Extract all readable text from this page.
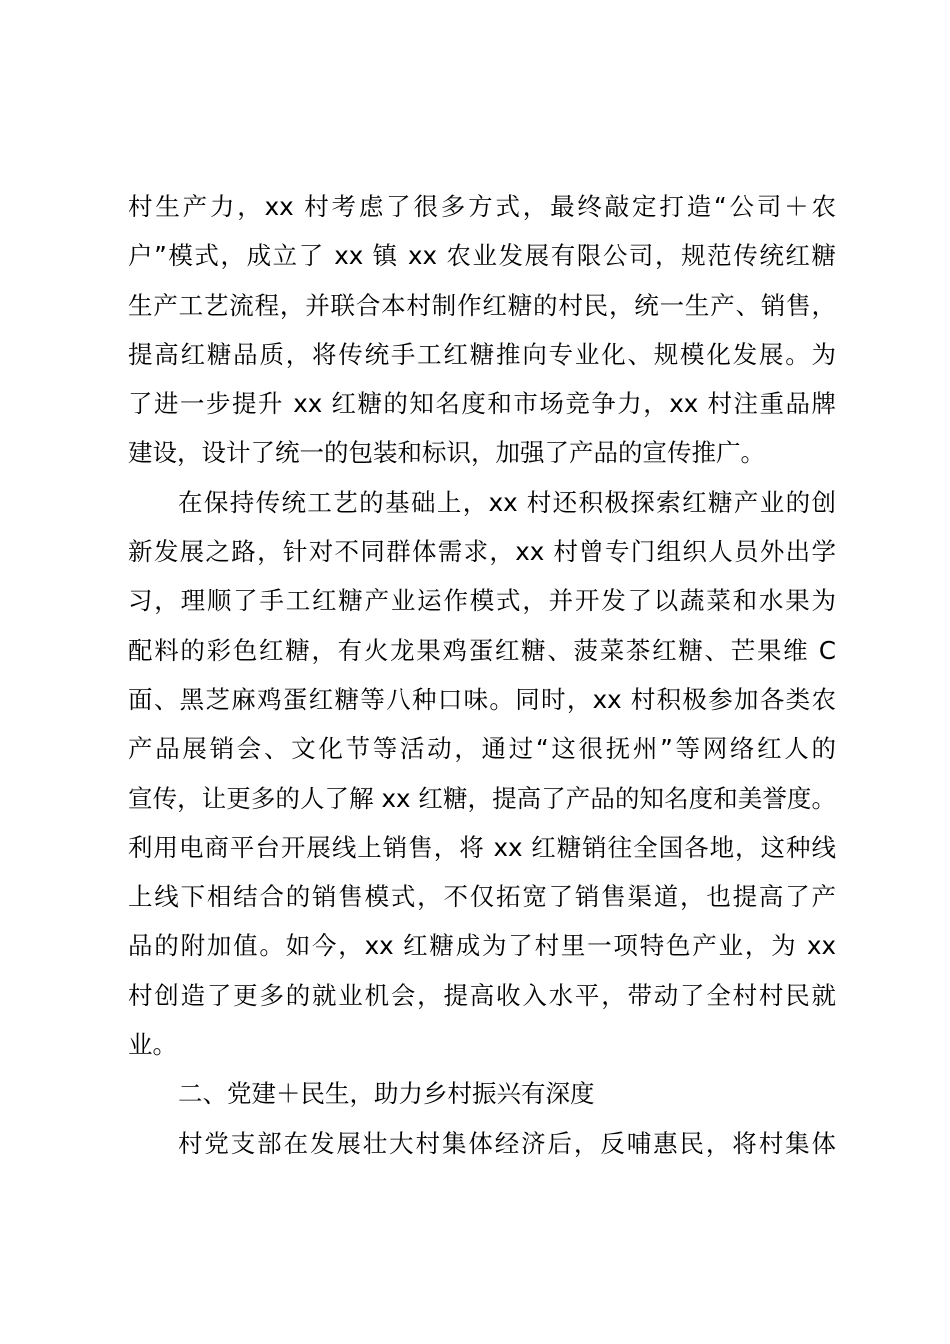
村生产力，xx 村考虑了很多方式，最终敲定打造“公司＋农
户”模式，成立了 xx 镇 xx 农业发展有限公司，规范传统红糖
生产工艺流程，并联合本村制作红糖的村民，统一生产、销售，
提高红糖品质，将传统手工红糖推向专业化、规模化发展。为
了进一步提升 xx 红糖的知名度和市场竞争力，xx 村注重品牌
建设，设计了统一的包装和标识，加强了产品的宣传推广。
在保持传统工艺的基础上，xx 村还积极探索红糖产业的创
新发展之路，针对不同群体需求，xx 村曾专门组织人员外出学
习，理顺了手工红糖产业运作模式，并开发了以蔬菜和水果为
配料的彩色红糖，有火龙果鸡蛋红糖、菠菜茶红糖、芒果维 C
面、黑芝麻鸡蛋红糖等八种口味。同时，xx 村积极参加各类农
产品展销会、文化节等活动，通过“这很抚州”等网络红人的
宣传，让更多的人了解 xx 红糖，提高了产品的知名度和美誉度。
利用电商平台开展线上销售，将 xx 红糖销往全国各地，这种线
上线下相结合的销售模式，不仅拓宽了销售渠道，也提高了产
品的附加值。如今，xx 红糖成为了村里一项特色产业，为 xx
村创造了更多的就业机会，提高收入水平，带动了全村村民就
业。
二、党建＋民生，助力乡村振兴有深度
村党支部在发展壮大村集体经济后，反哺惠民，将村集体
